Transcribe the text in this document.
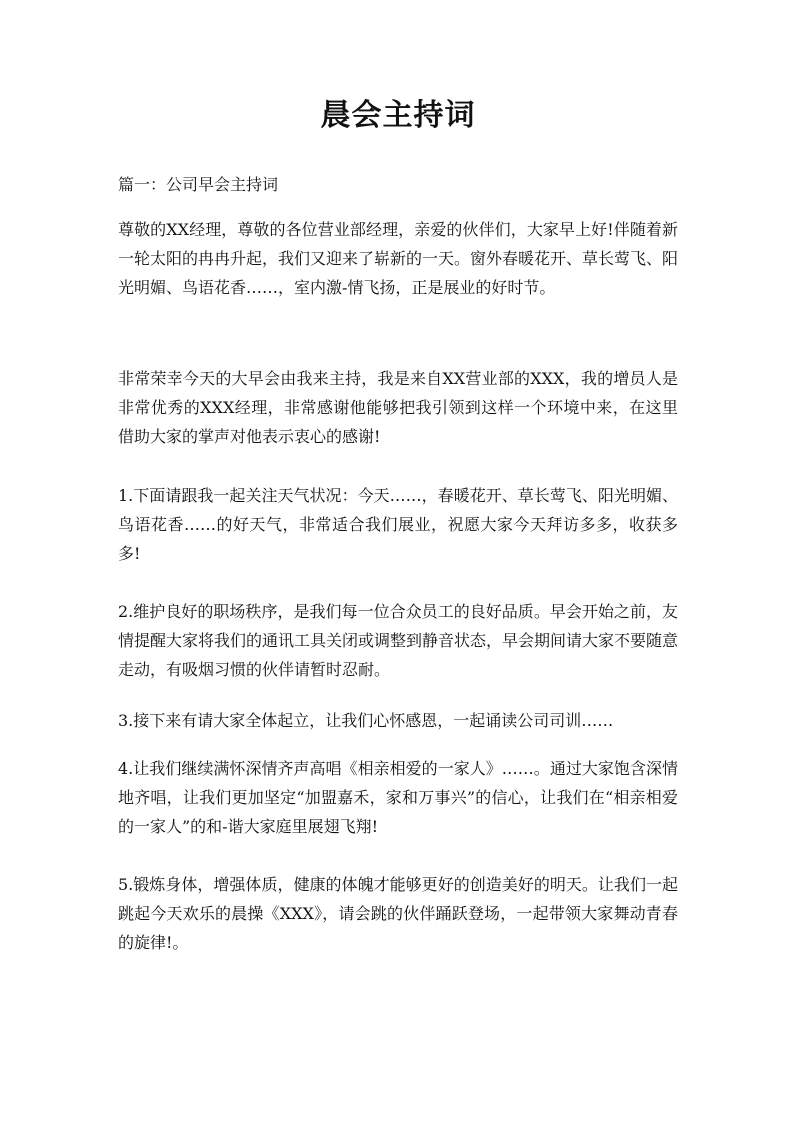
晨会主持词
篇一：公司早会主持词

尊敬的XX经理，尊敬的各位营业部经理，亲爱的伙伴们，大家早上好!伴随着新一轮太阳的冉冉升起，我们又迎来了崭新的一天。窗外春暖花开、草长莺飞、阳光明媚、鸟语花香……，室内激-情飞扬，正是展业的好时节。

非常荣幸今天的大早会由我来主持，我是来自XX营业部的XXX，我的增员人是非常优秀的XXX经理，非常感谢他能够把我引领到这样一个环境中来，在这里借助大家的掌声对他表示衷心的感谢!

1.下面请跟我一起关注天气状况：今天……，春暖花开、草长莺飞、阳光明媚、鸟语花香……的好天气，非常适合我们展业，祝愿大家今天拜访多多，收获多多!

2.维护良好的职场秩序，是我们每一位合众员工的良好品质。早会开始之前，友情提醒大家将我们的通讯工具关闭或调整到静音状态，早会期间请大家不要随意走动，有吸烟习惯的伙伴请暂时忍耐。

3.接下来有请大家全体起立，让我们心怀感恩，一起诵读公司司训……

4.让我们继续满怀深情齐声高唱《相亲相爱的一家人》……。通过大家饱含深情地齐唱，让我们更加坚定“加盟嘉禾，家和万事兴”的信心，让我们在“相亲相爱的一家人”的和-谐大家庭里展翅飞翔!

5.锻炼身体，增强体质，健康的体魄才能够更好的创造美好的明天。让我们一起跳起今天欢乐的晨操《XXX》，请会跳的伙伴踊跃登场，一起带领大家舞动青春的旋律!。
